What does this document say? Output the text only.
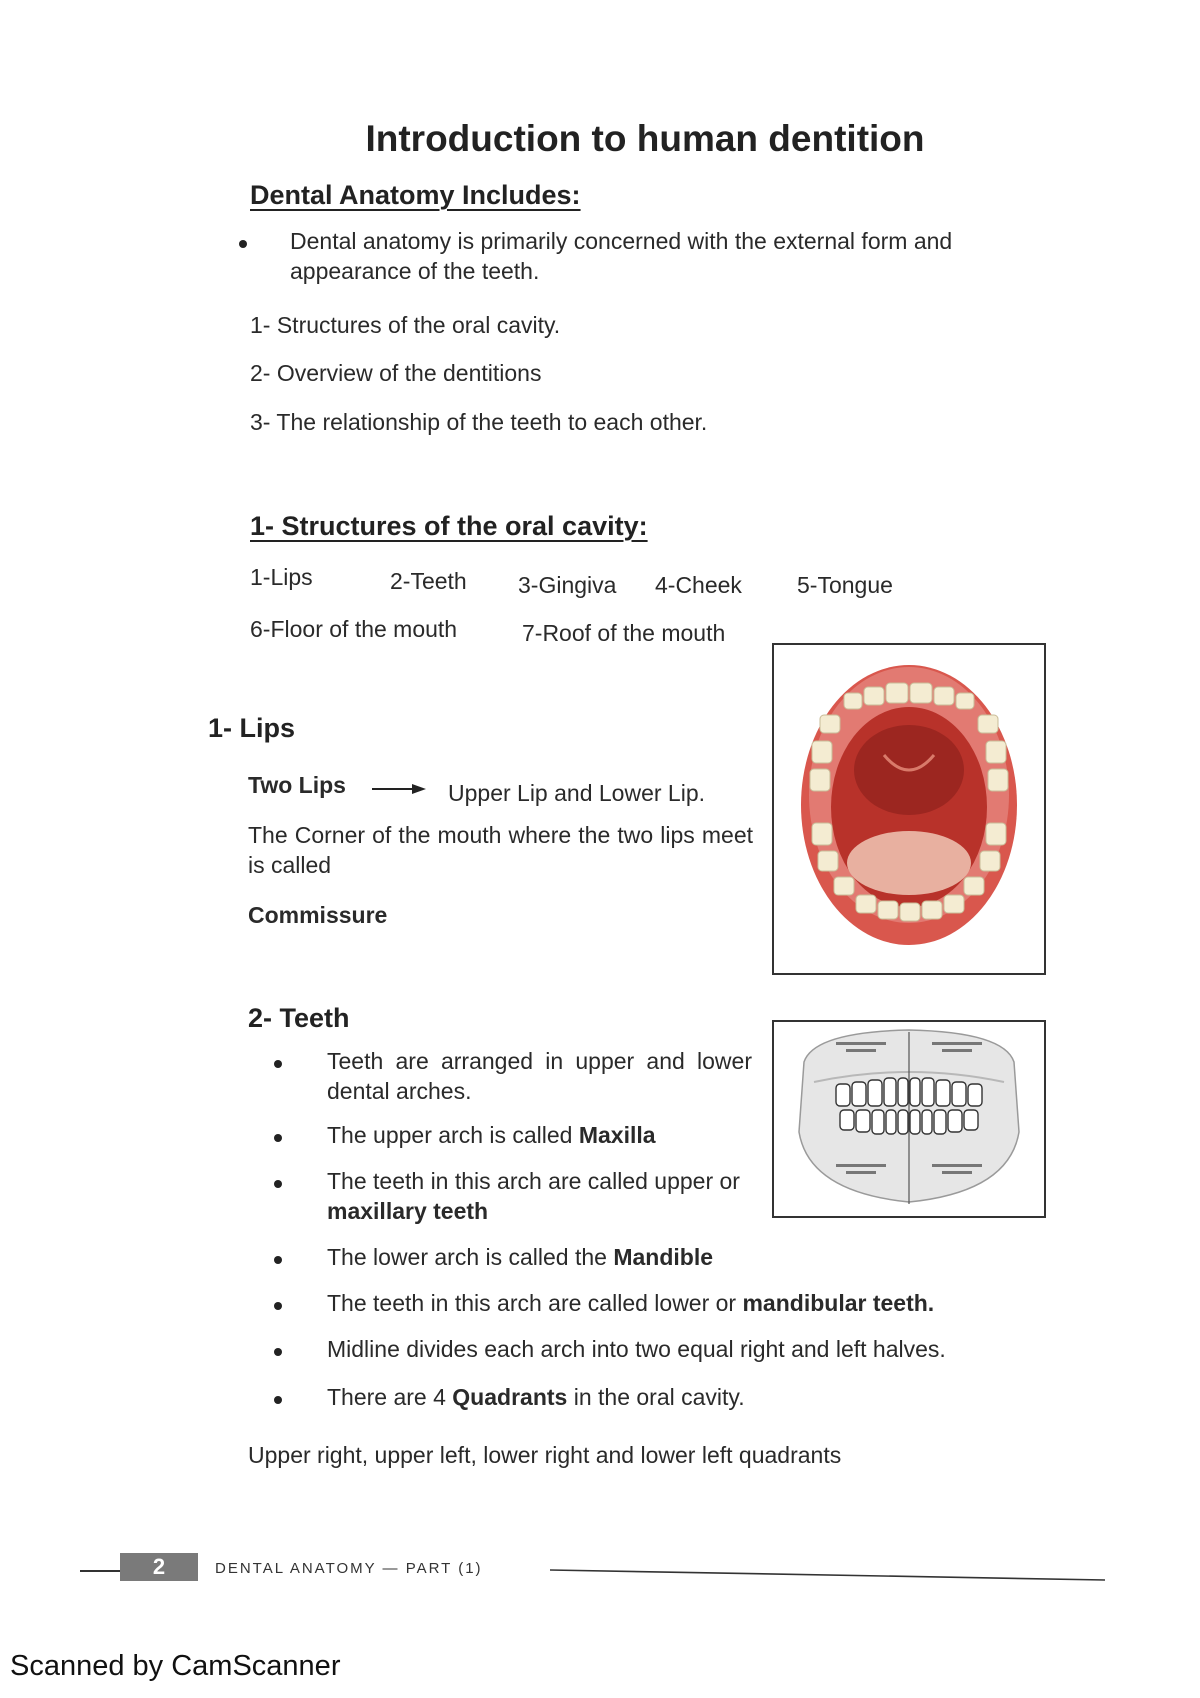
Introduction to human dentition
Dental Anatomy Includes:
Dental anatomy is primarily concerned with the external form and appearance of the teeth.
1- Structures of the oral cavity.
2- Overview of the dentitions
3- The relationship of the teeth to each other.
1- Structures of the oral cavity:
1-Lips	2-Teeth 3-Gingiva 4-Cheek 5-Tongue
6-Floor of the mouth	7-Roof of the mouth
1- Lips
Two Lips	Upper Lip and Lower Lip.
The Corner of the mouth where the two lips meet is called
Commissure
2- Teeth
Teeth are arranged in upper and lower dental arches.
The upper arch is called Maxilla
The teeth in this arch are called upper or maxillary teeth
The lower arch is called the Mandible
The teeth in this arch are called lower or mandibular teeth.
Midline divides each arch into two equal right and left halves.
There are 4 Quadrants in the oral cavity.
Upper right, upper left, lower right and lower left quadrants
2	DENTAL ANATOMY — PART (1)
Scanned by CamScanner
